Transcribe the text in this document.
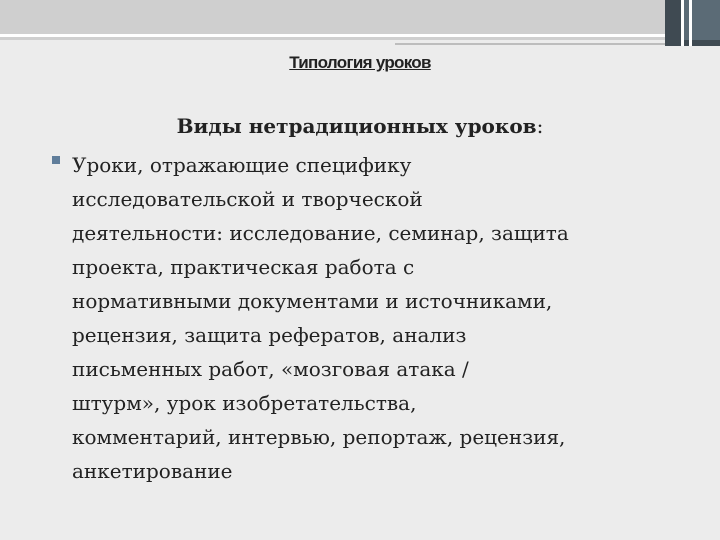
Типология уроков
Виды нетрадиционных уроков:
Уроки, отражающие специфику
исследовательской и творческой
деятельности: исследование, семинар, защита
проекта, практическая работа с
нормативными документами и источниками,
рецензия, защита рефератов, анализ
письменных работ, «мозговая атака /
штурм», урок изобретательства,
комментарий, интервью, репортаж, рецензия,
анкетирование
